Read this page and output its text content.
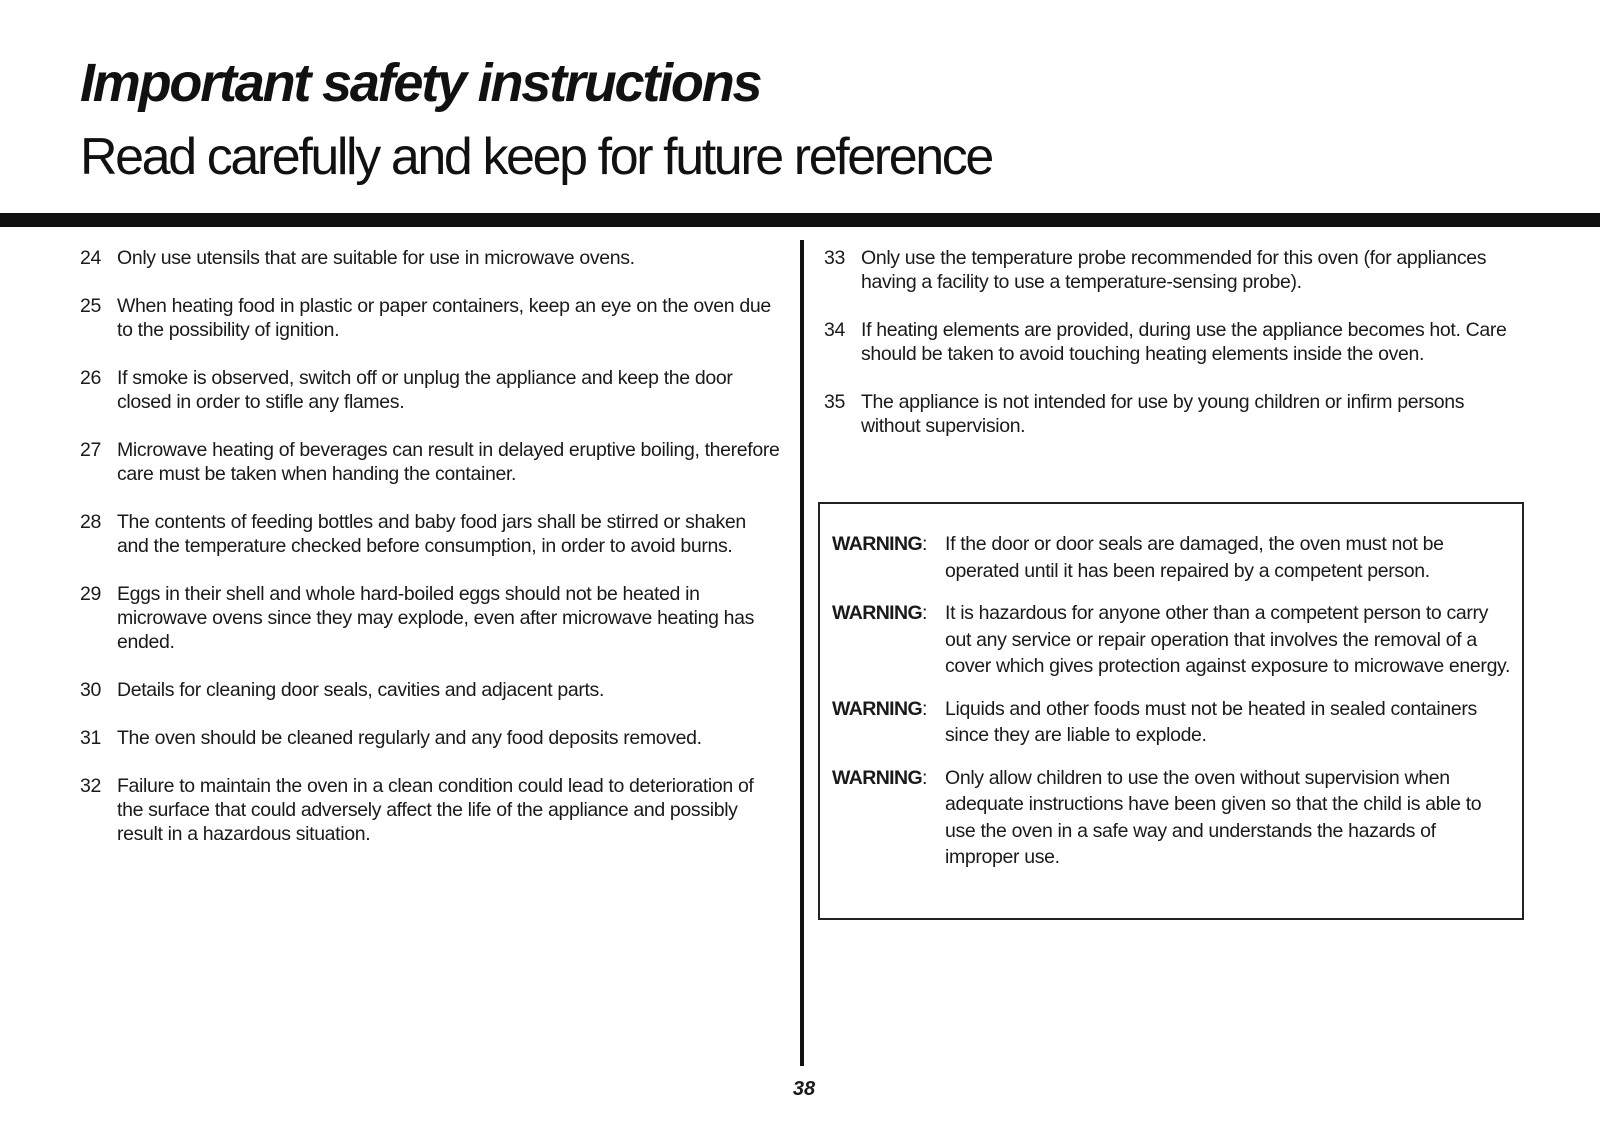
Important safety instructions
Read carefully and keep for future reference
24 Only use utensils that are suitable for use in microwave ovens.
25 When heating food in plastic or paper containers, keep an eye on the oven due to the possibility of ignition.
26 If smoke is observed, switch off or unplug the appliance and keep the door closed in order to stifle any flames.
27 Microwave heating of beverages can result in delayed eruptive boiling, therefore care must be taken when handing the container.
28 The contents of feeding bottles and baby food jars shall be stirred or shaken and the temperature checked before consumption, in order to avoid burns.
29 Eggs in their shell and whole hard-boiled eggs should not be heated in microwave ovens since they may explode, even after microwave heating has ended.
30 Details for cleaning door seals, cavities and adjacent parts.
31 The oven should be cleaned regularly and any food deposits removed.
32 Failure to maintain the oven in a clean condition could lead to deterioration of the surface that could adversely affect the life of the appliance and possibly result in a hazardous situation.
33 Only use the temperature probe recommended for this oven (for appliances having a facility to use a temperature-sensing probe).
34 If heating elements are provided, during use the appliance becomes hot. Care should be taken to avoid touching heating elements inside the oven.
35 The appliance is not intended for use by young children or infirm persons without supervision.
WARNING: If the door or door seals are damaged, the oven must not be operated until it has been repaired by a competent person.
WARNING: It is hazardous for anyone other than a competent person to carry out any service or repair operation that involves the removal of a cover which gives protection against exposure to microwave energy.
WARNING: Liquids and other foods must not be heated in sealed containers since they are liable to explode.
WARNING: Only allow children to use the oven without supervision when adequate instructions have been given so that the child is able to use the oven in a safe way and understands the hazards of improper use.
38
